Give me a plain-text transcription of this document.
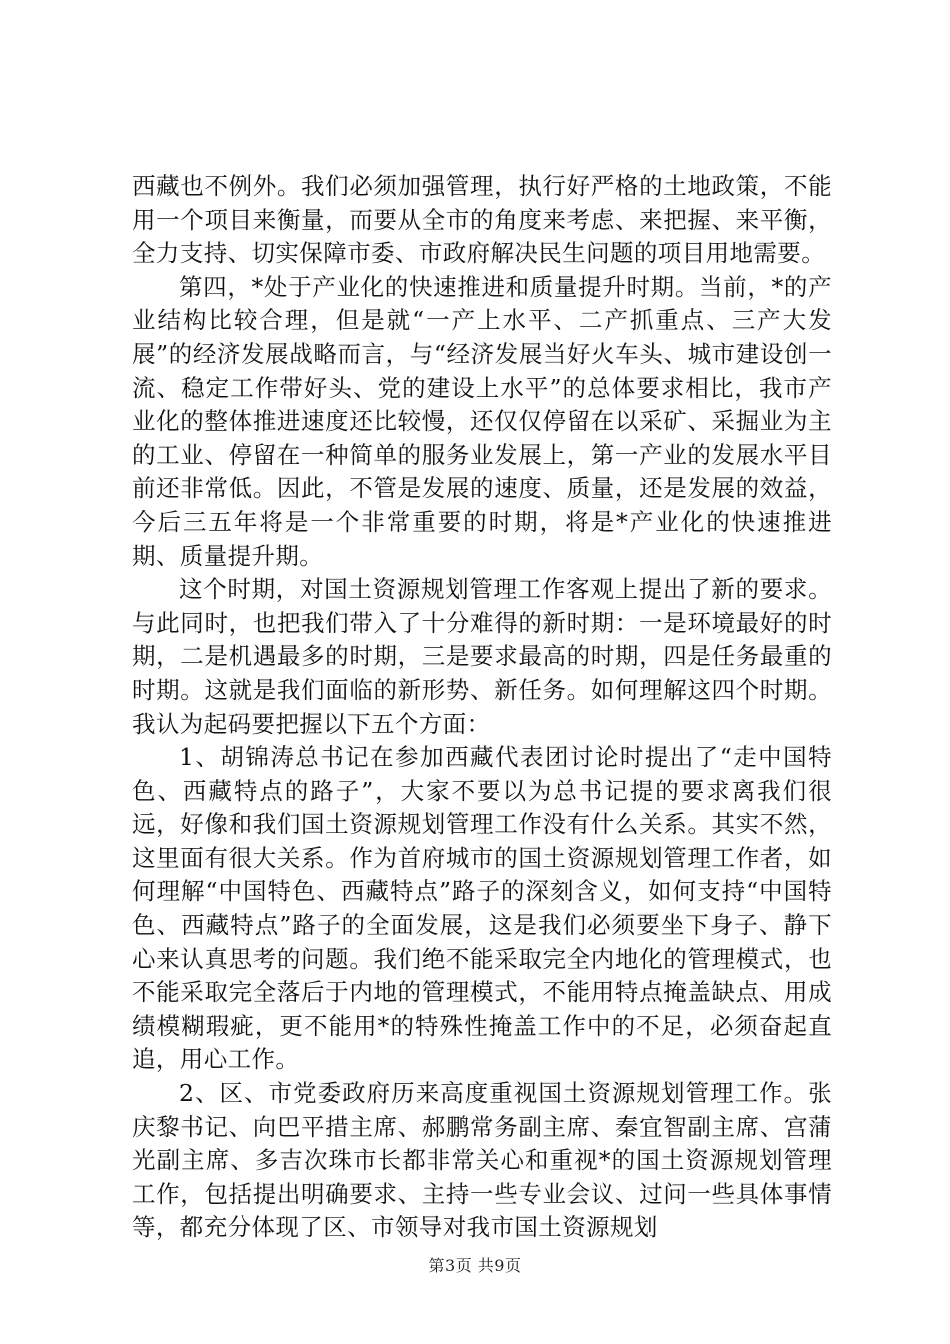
西藏也不例外。我们必须加强管理，执行好严格的土地政策，不能用一个项目来衡量，而要从全市的角度来考虑、来把握、来平衡，全力支持、切实保障市委、市政府解决民生问题的项目用地需要。

第四，*处于产业化的快速推进和质量提升时期。当前，*的产业结构比较合理，但是就“一产上水平、二产抓重点、三产大发展”的经济发展战略而言，与“经济发展当好火车头、城市建设创一流、稳定工作带好头、党的建设上水平”的总体要求相比，我市产业化的整体推进速度还比较慢，还仅仅停留在以采矿、采掘业为主的工业、停留在一种简单的服务业发展上，第一产业的发展水平目前还非常低。因此，不管是发展的速度、质量，还是发展的效益，今后三五年将是一个非常重要的时期，将是*产业化的快速推进期、质量提升期。

这个时期，对国土资源规划管理工作客观上提出了新的要求。与此同时，也把我们带入了十分难得的新时期：一是环境最好的时期，二是机遇最多的时期，三是要求最高的时期，四是任务最重的时期。这就是我们面临的新形势、新任务。如何理解这四个时期。我认为起码要把握以下五个方面：

1、胡锦涛总书记在参加西藏代表团讨论时提出了“走中国特色、西藏特点的路子”，大家不要以为总书记提的要求离我们很远，好像和我们国土资源规划管理工作没有什么关系。其实不然，这里面有很大关系。作为首府城市的国土资源规划管理工作者，如何理解“中国特色、西藏特点”路子的深刻含义，如何支持“中国特色、西藏特点”路子的全面发展，这是我们必须要坐下身子、静下心来认真思考的问题。我们绝不能采取完全内地化的管理模式，也不能采取完全落后于内地的管理模式，不能用特点掩盖缺点、用成绩模糊瑕疵，更不能用*的特殊性掩盖工作中的不足，必须奋起直追，用心工作。

2、区、市党委政府历来高度重视国土资源规划管理工作。张庆黎书记、向巴平措主席、郝鹏常务副主席、秦宜智副主席、宫蒲光副主席、多吉次珠市长都非常关心和重视*的国土资源规划管理工作，包括提出明确要求、主持一些专业会议、过问一些具体事情等，都充分体现了区、市领导对我市国土资源规划

第3页 共9页
